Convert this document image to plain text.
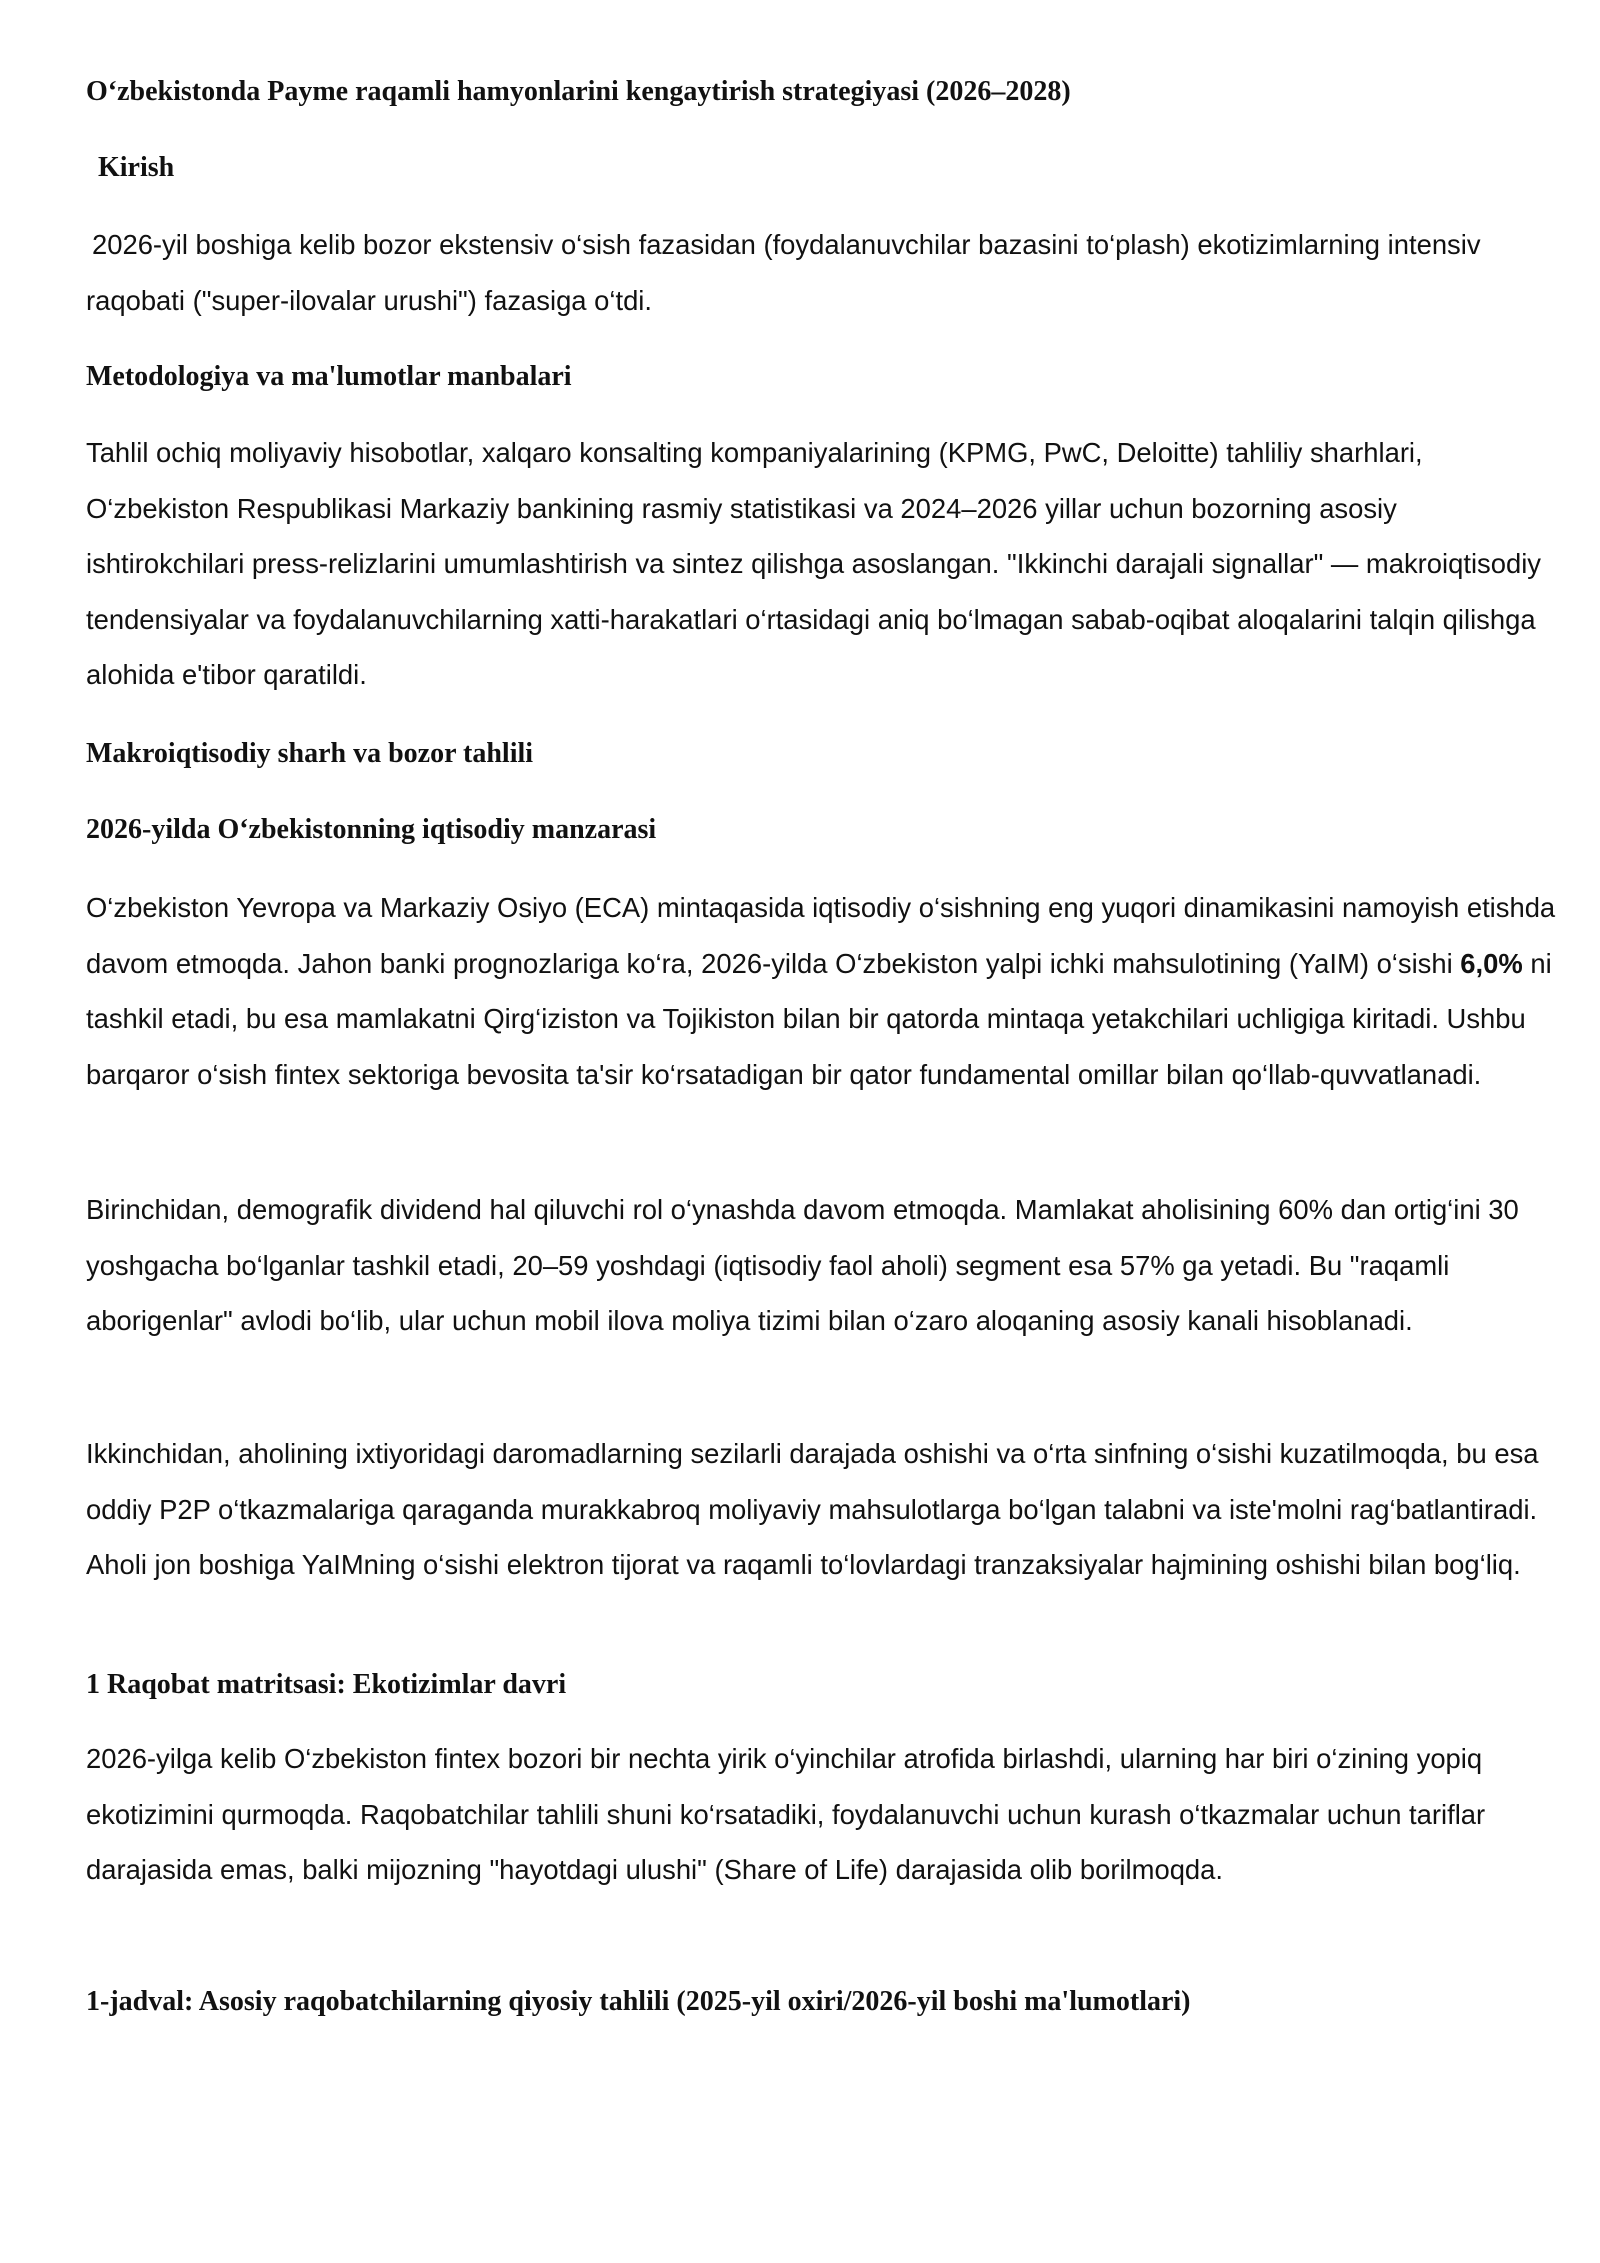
O‘zbekistonda Payme raqamli hamyonlarini kengaytirish strategiyasi (2026–2028)
Kirish

2026-yil boshiga kelib bozor ekstensiv o‘sish fazasidan (foydalanuvchilar bazasini to‘plash) ekotizimlarning intensiv raqobati ("super-ilovalar urushi") fazasiga o‘tdi.

Metodologiya va ma'lumotlar manbalari

Tahlil ochiq moliyaviy hisobotlar, xalqaro konsalting kompaniyalarining (KPMG, PwC, Deloitte) tahliliy sharhlari, O‘zbekiston Respublikasi Markaziy bankining rasmiy statistikasi va 2024–2026 yillar uchun bozorning asosiy ishtirokchilari press-relizlarini umumlashtirish va sintez qilishga asoslangan. "Ikkinchi darajali signallar" — makroiqtisodiy tendensiyalar va foydalanuvchilarning xatti-harakatlari o‘rtasidagi aniq bo‘lmagan sabab-oqibat aloqalarini talqin qilishga alohida e'tibor qaratildi.

Makroiqtisodiy sharh va bozor tahlili
2026-yilda O‘zbekistonning iqtisodiy manzarasi

O‘zbekiston Yevropa va Markaziy Osiyo (ECA) mintaqasida iqtisodiy o‘sishning eng yuqori dinamikasini namoyish etishda davom etmoqda. Jahon banki prognozlariga ko‘ra, 2026-yilda O‘zbekiston yalpi ichki mahsulotining (YaIM) o‘sishi 6,0% ni tashkil etadi, bu esa mamlakatni Qirg‘iziston va Tojikiston bilan bir qatorda mintaqa yetakchilari uchligiga kiritadi. Ushbu barqaror o‘sish fintex sektoriga bevosita ta'sir ko‘rsatadigan bir qator fundamental omillar bilan qo‘llab-quvvatlanadi.

Birinchidan, demografik dividend hal qiluvchi rol o‘ynashda davom etmoqda. Mamlakat aholisining 60% dan ortig‘ini 30 yoshgacha bo‘lganlar tashkil etadi, 20–59 yoshdagi (iqtisodiy faol aholi) segment esa 57% ga yetadi. Bu "raqamli aborigenlar" avlodi bo‘lib, ular uchun mobil ilova moliya tizimi bilan o‘zaro aloqaning asosiy kanali hisoblanadi.

Ikkinchidan, aholining ixtiyoridagi daromadlarning sezilarli darajada oshishi va o‘rta sinfning o‘sishi kuzatilmoqda, bu esa oddiy P2P o‘tkazmalariga qaraganda murakkabroq moliyaviy mahsulotlarga bo‘lgan talabni va iste'molni rag‘batlantiradi. Aholi jon boshiga YaIMning o‘sishi elektron tijorat va raqamli to‘lovlardagi tranzaksiyalar hajmining oshishi bilan bog‘liq.

1 Raqobat matritsasi: Ekotizimlar davri

2026-yilga kelib O‘zbekiston fintex bozori bir nechta yirik o‘yinchilar atrofida birlashdi, ularning har biri o‘zining yopiq ekotizimini qurmoqda. Raqobatchilar tahlili shuni ko‘rsatadiki, foydalanuvchi uchun kurash o‘tkazmalar uchun tariflar darajasida emas, balki mijozning "hayotdagi ulushi" (Share of Life) darajasida olib borilmoqda.

1-jadval: Asosiy raqobatchilarning qiyosiy tahlili (2025-yil oxiri/2026-yil boshi ma'lumotlari)
